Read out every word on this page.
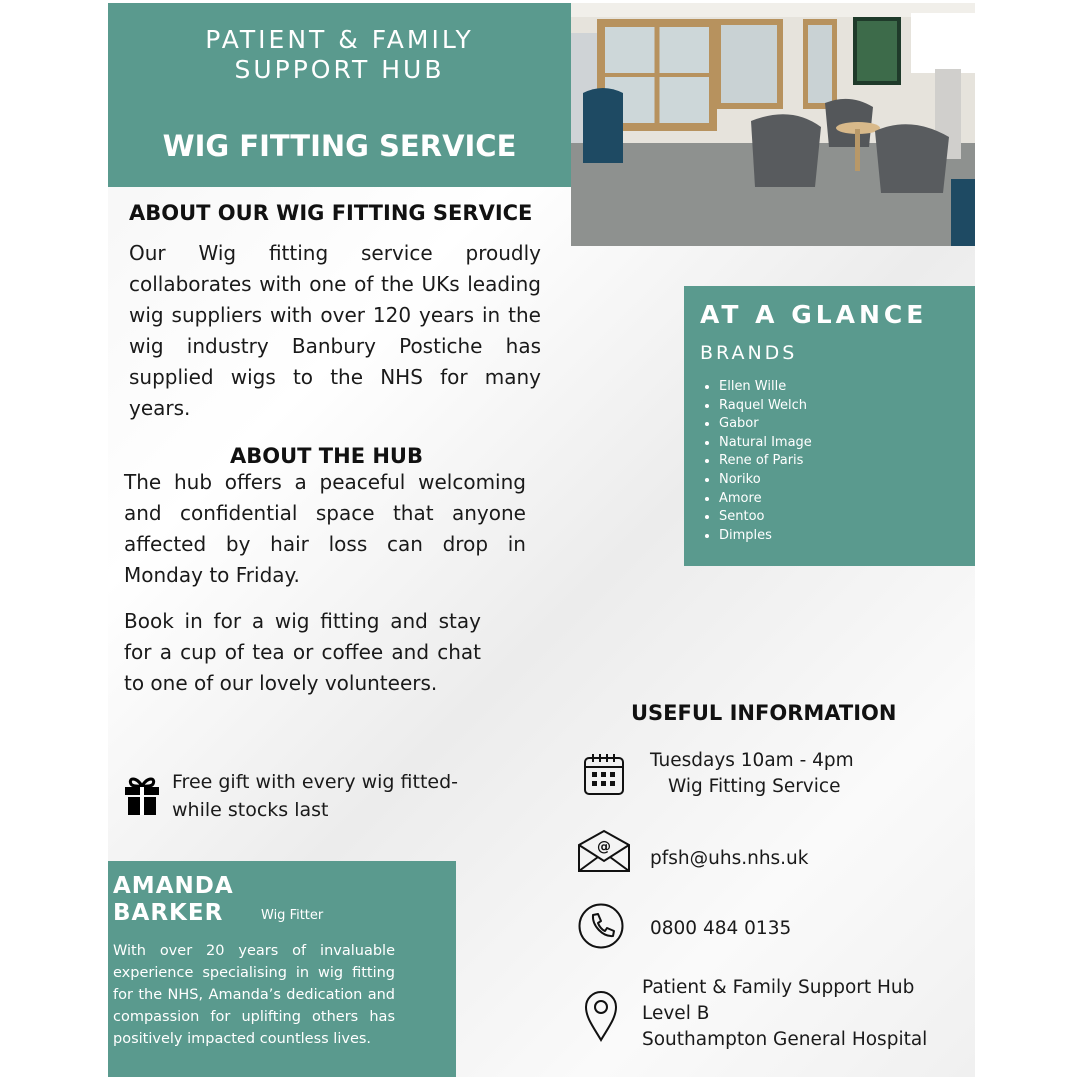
PATIENT & FAMILY
SUPPORT HUB
WIG FITTING SERVICE
ABOUT OUR WIG FITTING SERVICE
Our Wig fitting service proudly collaborates with one of the UKs leading wig suppliers with over 120 years in the wig industry Banbury Postiche has supplied wigs to the NHS for many years.
ABOUT THE HUB
The hub offers a peaceful welcoming and confidential space that anyone affected by hair loss can drop in Monday to Friday.
Book in for a wig fitting and stay for a cup of tea or coffee and chat to one of our lovely volunteers.
Free gift with every wig fitted-
while stocks last
AT A GLANCE
BRANDS
• Ellen Wille
• Raquel Welch
• Gabor
• Natural Image
• Rene of Paris
• Noriko
• Amore
• Sentoo
• Dimples
USEFUL INFORMATION
Tuesdays 10am - 4pm
Wig Fitting Service
@
pfsh@uhs.nhs.uk
0800 484 0135
Patient & Family Support Hub
Level B
Southampton General Hospital
AMANDA
BARKER	Wig Fitter
With over 20 years of invaluable experience specialising in wig fitting for the NHS, Amanda’s dedication and compassion for uplifting others has positively impacted countless lives.
